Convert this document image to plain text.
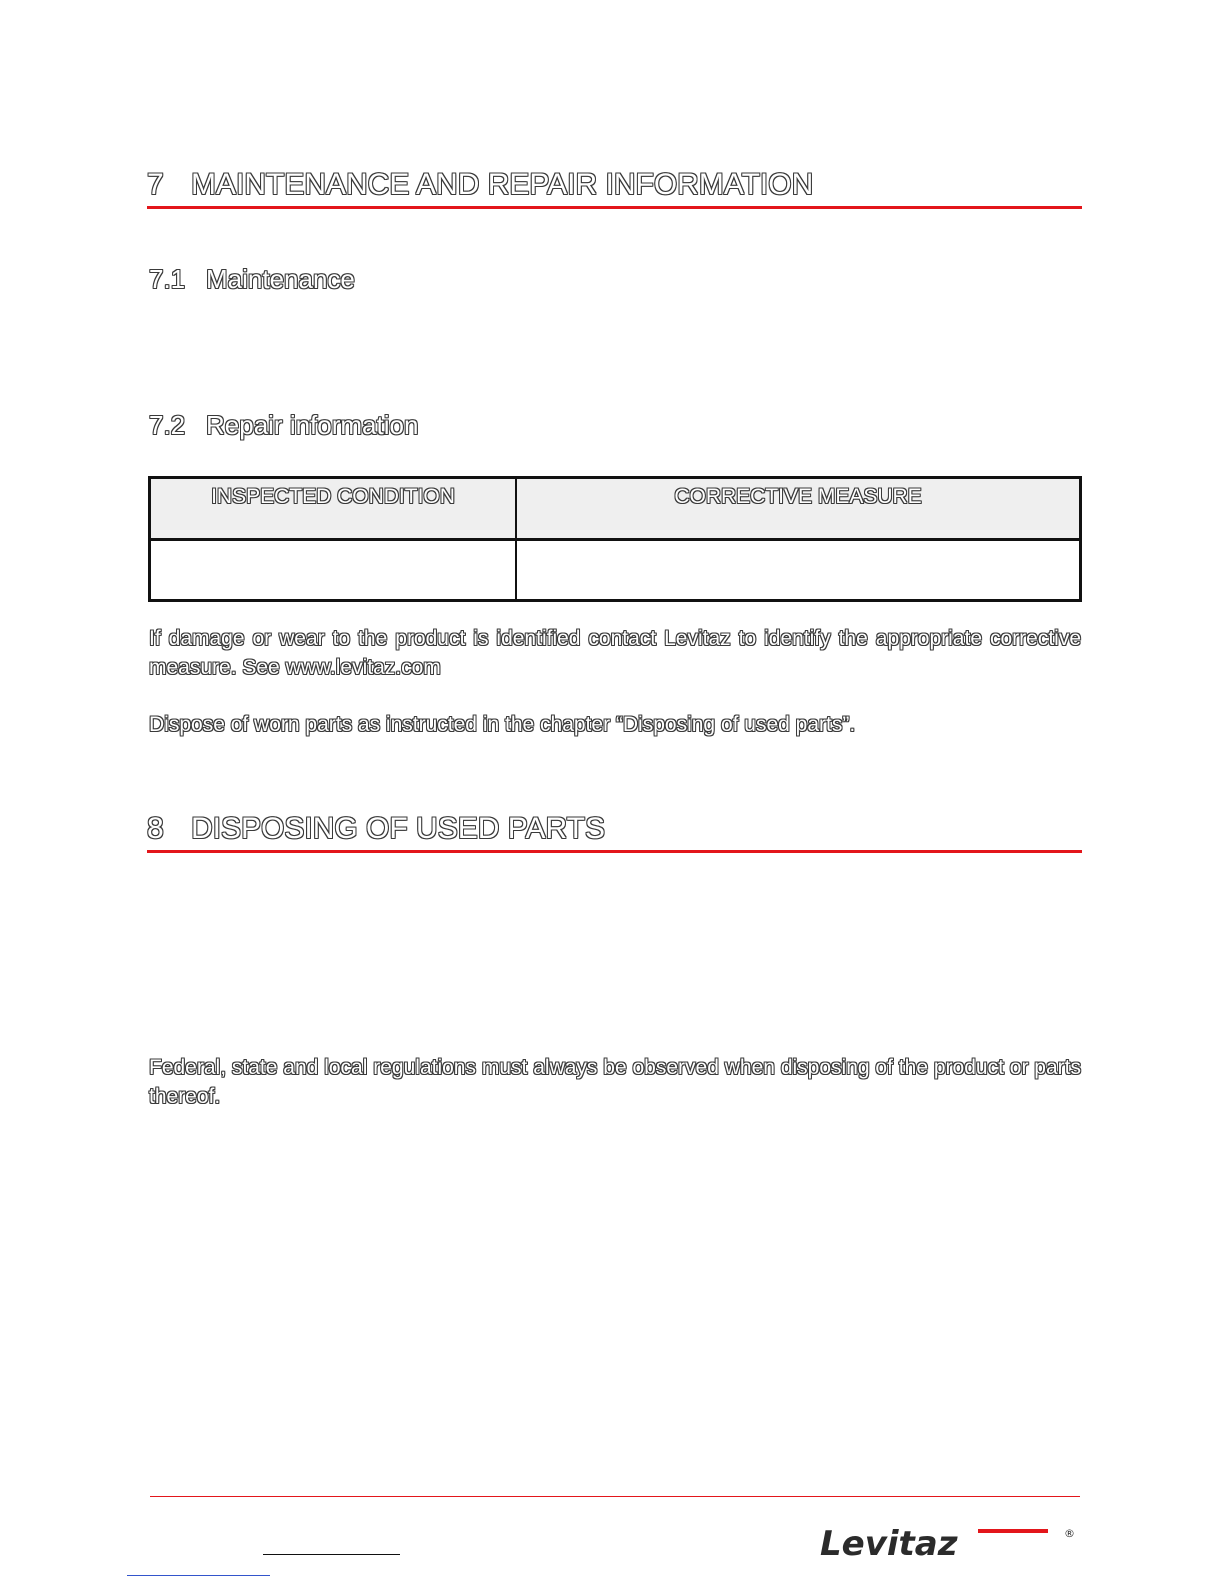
7 MAINTENANCE AND REPAIR INFORMATION
7.1 Maintenance
7.2 Repair information
INSPECTED CONDITION	CORRECTIVE MEASURE

If damage or wear to the product is identified contact Levitaz to identify the appropriate corrective measure. See www.levitaz.com
Dispose of worn parts as instructed in the chapter “Disposing of used parts”.
8 DISPOSING OF USED PARTS
Federal, state and local regulations must always be observed when disposing of the product or parts thereof.
Levitaz	®
